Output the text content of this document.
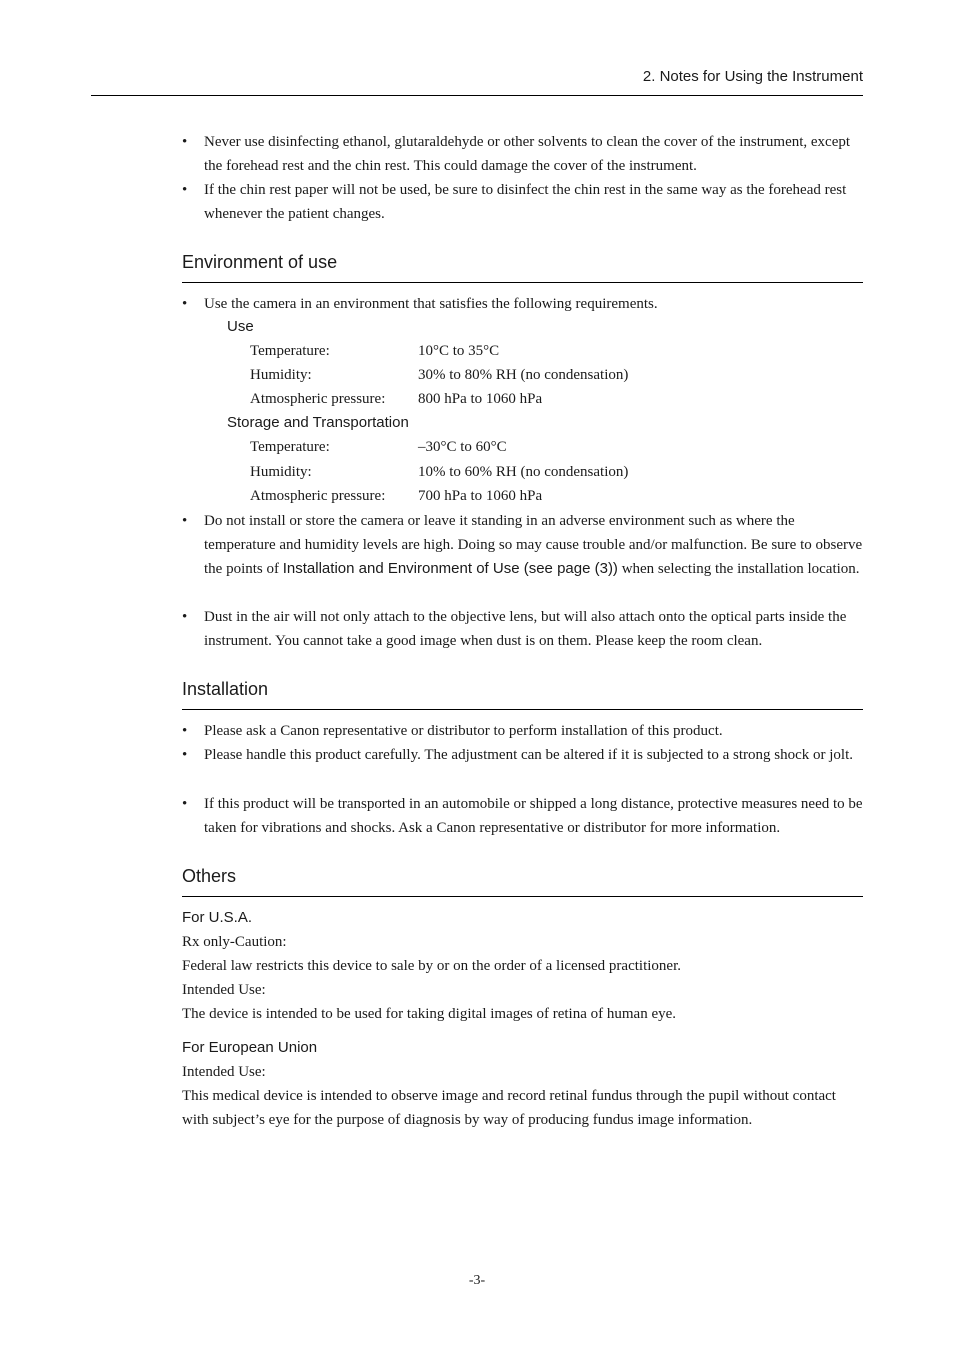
2. Notes for Using the Instrument
• Never use disinfecting ethanol, glutaraldehyde or other solvents to clean the cover of the instrument, except the forehead rest and the chin rest. This could damage the cover of the instrument.
• If the chin rest paper will not be used, be sure to disinfect the chin rest in the same way as the forehead rest whenever the patient changes.
Environment of use
• Use the camera in an environment that satisfies the following requirements.
Use
Temperature:	10°C to 35°C
Humidity:	30% to 80% RH (no condensation)
Atmospheric pressure: 800 hPa to 1060 hPa
Storage and Transportation
Temperature:	–30°C to 60°C
Humidity:	10% to 60% RH (no condensation)
Atmospheric pressure: 700 hPa to 1060 hPa
• Do not install or store the camera or leave it standing in an adverse environment such as where the temperature and humidity levels are high. Doing so may cause trouble and/or malfunction. Be sure to observe the points of Installation and Environment of Use (see page (3)) when selecting the installation location.
• Dust in the air will not only attach to the objective lens, but will also attach onto the optical parts inside the instrument. You cannot take a good image when dust is on them. Please keep the room clean.
Installation
• Please ask a Canon representative or distributor to perform installation of this product.
• Please handle this product carefully. The adjustment can be altered if it is subjected to a strong shock or jolt.
• If this product will be transported in an automobile or shipped a long distance, protective measures need to be taken for vibrations and shocks. Ask a Canon representative or distributor for more information.
Others
For U.S.A.
Rx only-Caution:
Federal law restricts this device to sale by or on the order of a licensed practitioner.
Intended Use:
The device is intended to be used for taking digital images of retina of human eye.
For European Union
Intended Use:
This medical device is intended to observe image and record retinal fundus through the pupil without contact with subject’s eye for the purpose of diagnosis by way of producing fundus image information.
-3-
